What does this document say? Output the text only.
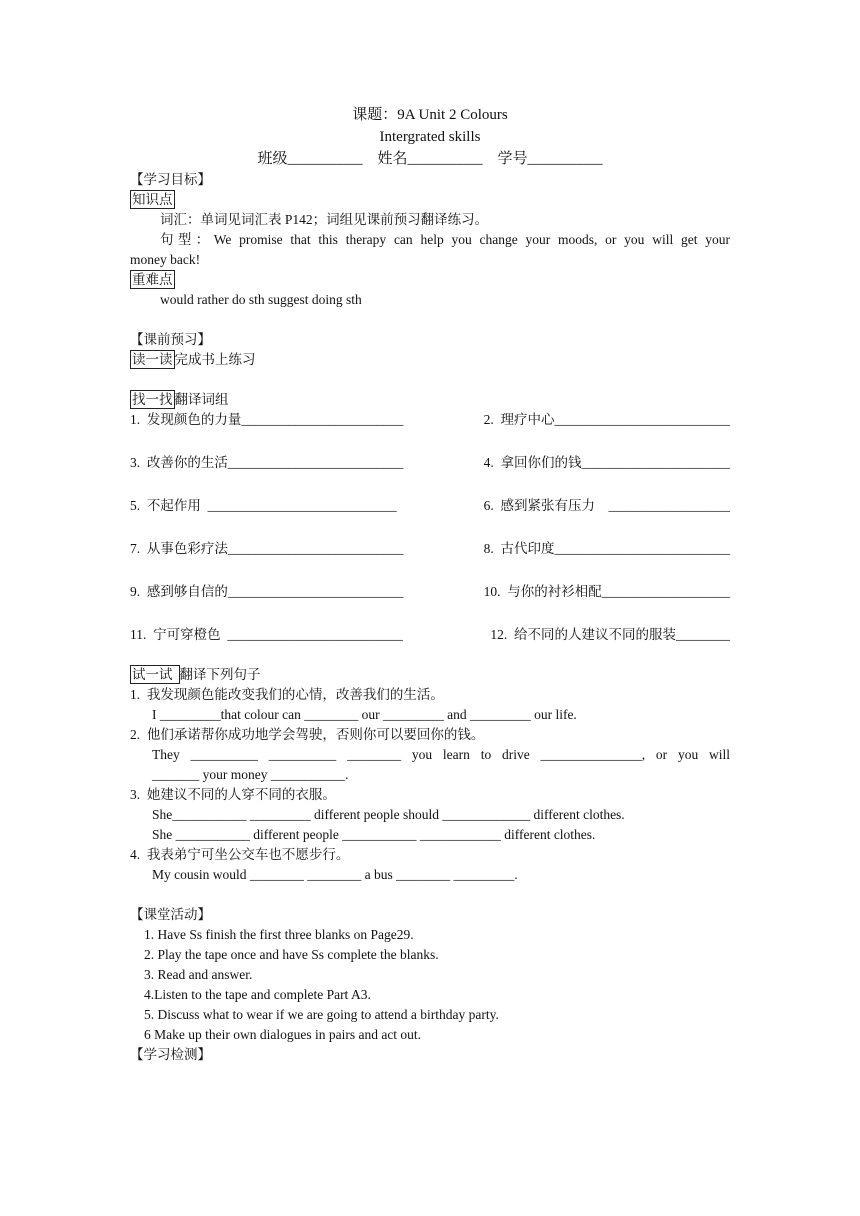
课题：9A Unit 2 Colours
Intergrated skills
班级__________    姓名__________    学号__________
【学习目标】
知识点
词汇：单词见词汇表 P142；词组见课前预习翻译练习。
句型：We promise that this therapy can help you change your moods, or you will get your
money back!
重难点
would rather do sth suggest doing sth
【课前预习】
读一读 完成书上练习
找一找 翻译词组
1.  发现颜色的力量________________________	2.  理疗中心__________________________
3.  改善你的生活__________________________	4.  拿回你们的钱______________________
5.  不起作用  ____________________________	6.  感到紧张有压力    __________________
7.  从事色彩疗法__________________________	8.  古代印度__________________________
9.  感到够自信的__________________________	10.  与你的衬衫相配___________________
11.  宁可穿橙色  __________________________	12.  给不同的人建议不同的服装________
试一试 翻译下列句子
1.  我发现颜色能改变我们的心情，改善我们的生活。
I _________that colour can ________ our _________ and _________ our life.
2.  他们承诺帮你成功地学会驾驶，否则你可以要回你的钱。
They __________ __________ ________ you learn to drive _______________, or you will
_______ your money ___________.
3.  她建议不同的人穿不同的衣服。
She___________ _________ different people should _____________ different clothes.
She ___________ different people ___________ ____________ different clothes.
4.  我表弟宁可坐公交车也不愿步行。
My cousin would ________ ________ a bus ________ _________.
【课堂活动】
1. Have Ss finish the first three blanks on Page29.
2. Play the tape once and have Ss complete the blanks.
3. Read and answer.
4.Listen to the tape and complete Part A3.
5. Discuss what to wear if we are going to attend a birthday party.
6 Make up their own dialogues in pairs and act out.
【学习检测】
